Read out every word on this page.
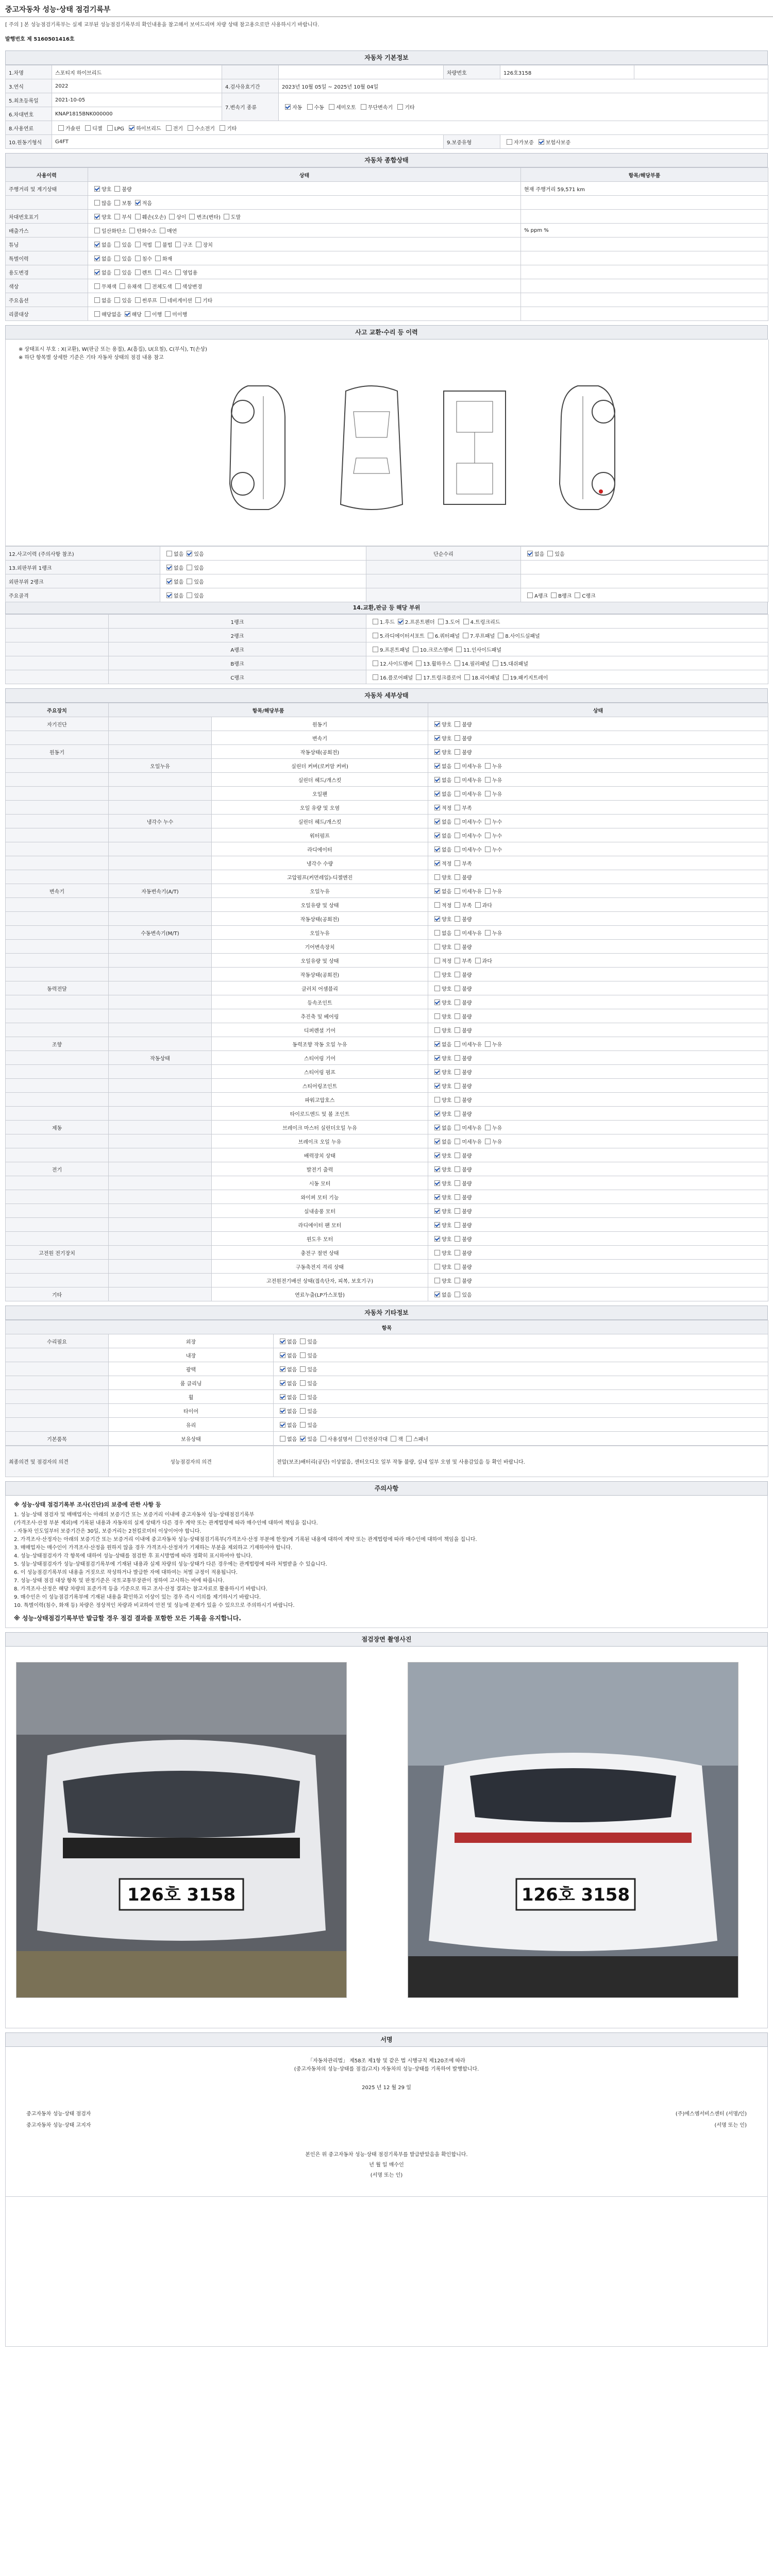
중고자동차 성능·상태 점검기록부
[ 주의 ] 본 성능점검기록부는 실제 교부된 성능점검기록부의 확인내용을 참고해서 보여드리며 차량 상태 참고용으로만 사용하시기 바랍니다.
발행번호 제 5160501416호
자동차 기본정보
1.차명	스포티지 하이브리드			차량번호	126호3158	
3.연식	2022	4.검사유효기간	2023년 10월 05일 ~ 2025년 10월 04일			
5.최초등록일	2021-10-05	7.변속기 종류	자동 수동 세미오토 무단변속기 기타			
6.차대번호	KNAP1815BNK000000					
8.사용연료	가솔린 디젤 LPG 하이브리드 전기 수소전기 기타					
10.원동기형식	G4FT			9.보증유형	자가보증 보험사보증	
자동차 종합상태
사용이력	상태	항목/해당부품
주행거리 및 계기상태	양호 불량	현재 주행거리 59,571 km
	많음 보통 적음	
차대번호표기	양호 부식 훼손(오손) 상이 변조(변타) 도말	
배출가스	일산화탄소 탄화수소 매연	% ppm %
튜닝	없음 있음 적법 불법 구조 장치	
특별이력	없음 있음 침수 화재	
용도변경	없음 있음 렌트 리스 영업용	
색상	무채색 유채색 전체도색 색상변경	
주요옵션	없음 있음 썬루프 네비게이션 기타	
리콜대상	해당없음 해당 이행 미이행	
사고 교환·수리 등 이력
※ 상태표시 부호 : X(교환), W(판금 또는 용접), A(흠집), U(요철), C(부식), T(손상)
※ 하단 항목별 상세한 기준은 기타 자동차 상태의 점검 내용 참고
12.사고이력 (주의사항 참조)	없음 있음	단순수리	없음 있음
13.외판부위 1랭크	없음 있음		
외판부위 2랭크	없음 있음		
주요골격	없음 있음		A랭크 B랭크 C랭크
14.교환,판금 등 해당 부위
	1랭크	1.후드 2.프론트펜더 3.도어 4.트렁크리드
	2랭크	5.라디에이터서포트 6.쿼터패널 7.루프패널 8.사이드실패널
	A랭크	9.프론트패널 10.크로스멤버 11.인사이드패널
	B랭크	12.사이드멤버 13.휠하우스 14.필러패널 15.대쉬패널
	C랭크	16.플로어패널 17.트렁크플로어 18.리어패널 19.패키지트레이
자동차 세부상태
주요장치	항목/해당부품		상태
자기진단		원동기	양호 불량
		변속기	양호 불량
원동기		작동상태(공회전)	양호 불량
	오일누유	실린더 커버(로커암 커버)	없음 미세누유 누유
		실린더 헤드/개스킷	없음 미세누유 누유
		오일팬	없음 미세누유 누유
		오일 유량 및 오염	적정 부족
	냉각수 누수	실린더 헤드/개스킷	없음 미세누수 누수
		워터펌프	없음 미세누수 누수
		라디에이터	없음 미세누수 누수
		냉각수 수량	적정 부족
		고압펌프(커먼레일)-디젤엔진	양호 불량
변속기	자동변속기(A/T)	오일누유	없음 미세누유 누유
		오일유량 및 상태	적정 부족 과다
		작동상태(공회전)	양호 불량
	수동변속기(M/T)	오일누유	없음 미세누유 누유
		기어변속장치	양호 불량
		오일유량 및 상태	적정 부족 과다
		작동상태(공회전)	양호 불량
동력전달		클러치 어셈블리	양호 불량
		등속조인트	양호 불량
		추진축 및 베어링	양호 불량
		디퍼렌셜 기어	양호 불량
조향		동력조향 작동 오일 누유	없음 미세누유 누유
	작동상태	스티어링 기어	양호 불량
		스티어링 펌프	양호 불량
		스티어링조인트	양호 불량
		파워고압호스	양호 불량
		타이로드엔드 및 볼 조인트	양호 불량
제동		브레이크 마스터 실린더오일 누유	없음 미세누유 누유
		브레이크 오일 누유	없음 미세누유 누유
		배력장치 상태	양호 불량
전기		발전기 출력	양호 불량
		시동 모터	양호 불량
		와이퍼 모터 기능	양호 불량
		실내송풍 모터	양호 불량
		라디에이터 팬 모터	양호 불량
		윈도우 모터	양호 불량
고전원 전기장치		충전구 절연 상태	양호 불량
		구동축전지 격리 상태	양호 불량
		고전원전기배선 상태(접속단자, 피복, 보호기구)	양호 불량
기타		연료누출(LP가스포함)	없음 있음
자동차 기타정보
항목		
수리필요	외장	없음 있음
	내장	없음 있음
	광택	없음 있음
	룸 클리닝	없음 있음
	휠	없음 있음
	타이어	없음 있음
	유리	없음 있음
기본품목	보유상태	없음 있음 사용설명서 안전삼각대 잭 스패너
최종의견 및 점검자의 의견	성능점검자의 의견	전압(보조)배터리(공단) 이상없음, 센터오디오 일부 작동 불량, 실내 일부 오염 및 사용감있음 등 확인 바랍니다.
주의사항
※ 성능·상태 점검기록부 조사(진단)의 보증에 관한 사항 등
1. 성능·상태 점검자 및 매매업자는 아래의 보증기간 또는 보증거리 이내에 중고자동차 성능·상태점검기록부
(가격조사·산정 부분 제외)에 기록된 내용과 자동차의 실제 상태가 다른 경우 계약 또는 관계법령에 따라 매수인에 대하여 책임을 집니다.
- 자동차 인도일부터 보증기간은 30일, 보증거리는 2천킬로미터 이상이어야 합니다.
2. 가격조사·산정자는 아래의 보증기간 또는 보증거리 이내에 중고자동차 성능·상태점검기록부(가격조사·산정 부분에 한정)에 기록된 내용에 대하여 계약 또는 관계법령에 따라 매수인에 대하여 책임을 집니다.
3. 매매업자는 매수인이 가격조사·산정을 원하지 않을 경우 가격조사·산정자가 기재하는 부분을 제외하고 기재하여야 합니다.
4. 성능·상태점검자가 각 항목에 대하여 성능·상태를 점검한 후 표시방법에 따라 정확히 표시하여야 합니다.
5. 성능·상태점검자가 성능·상태점검기록부에 기재된 내용과 실제 차량의 성능·상태가 다른 경우에는 관계법령에 따라 처벌받을 수 있습니다.
6. 이 성능점검기록부의 내용을 거짓으로 작성하거나 발급한 자에 대하여는 처벌 규정이 적용됩니다.
7. 성능·상태 점검 대상 항목 및 판정기준은 국토교통부장관이 정하여 고시하는 바에 따릅니다.
8. 가격조사·산정은 해당 차량의 표준가격 등을 기준으로 하고 조사·산정 결과는 참고자료로 활용하시기 바랍니다.
9. 매수인은 이 성능점검기록부에 기재된 내용을 확인하고 이상이 있는 경우 즉시 이의를 제기하시기 바랍니다.
10. 특별이력(침수, 화재 등) 차량은 정상적인 차량과 비교하여 안전 및 성능에 문제가 있을 수 있으므로 주의하시기 바랍니다.
※ 성능·상태점검기록부만 발급할 경우 점검 결과를 포함한 모든 기록을 유지합니다.
점검장면 촬영사진
126호 3158	126호 3158
서명
「자동차관리법」 제58조 제1항 및 같은 법 시행규칙 제120조에 따라
(중고자동차의 성능·상태를 점검/고지) 자동차의 성능·상태를 기록하여 발행합니다.
2025 년 12 월 29 일
중고자동차 성능·상태 점검자
중고자동차 성능·상태 고지자
(주)에스엠서비스센터 (서명/인)
(서명 또는 인)
본인은 위 중고자동차 성능·상태 점검기록부를 발급받았음을 확인합니다.
년 월 일 매수인
(서명 또는 인)
